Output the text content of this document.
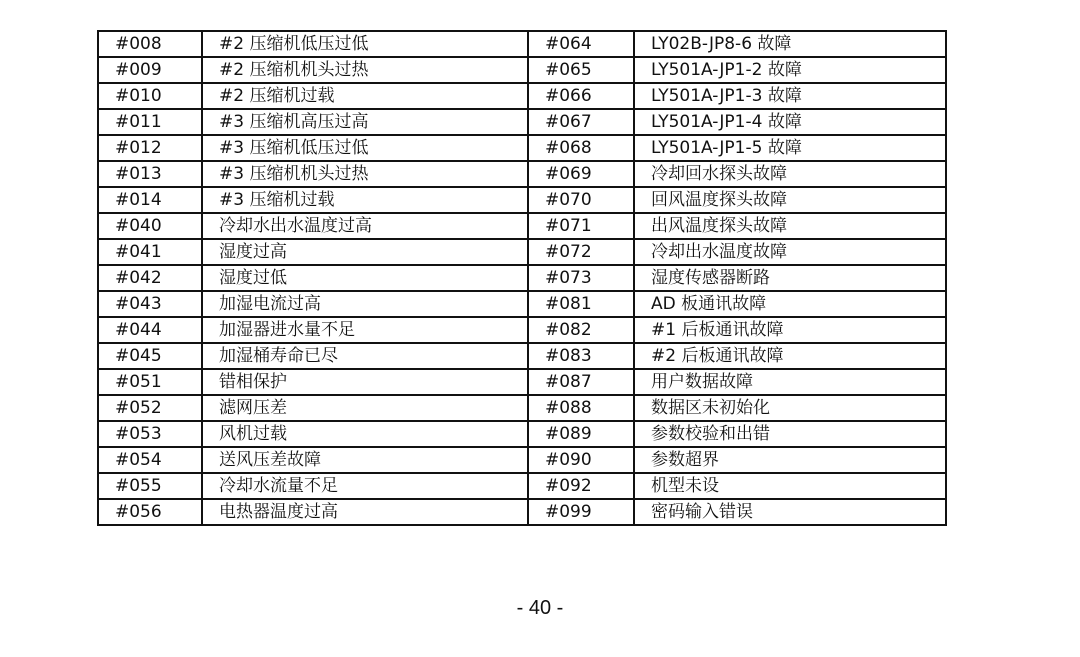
#008	#2 压缩机低压过低	#064	LY02B-JP8-6 故障
#009	#2 压缩机机头过热	#065	LY501A-JP1-2 故障
#010	#2 压缩机过载	#066	LY501A-JP1-3 故障
#011	#3 压缩机高压过高	#067	LY501A-JP1-4 故障
#012	#3 压缩机低压过低	#068	LY501A-JP1-5 故障
#013	#3 压缩机机头过热	#069	冷却回水探头故障
#014	#3 压缩机过载	#070	回风温度探头故障
#040	冷却水出水温度过高	#071	出风温度探头故障
#041	湿度过高	#072	冷却出水温度故障
#042	湿度过低	#073	湿度传感器断路
#043	加湿电流过高	#081	AD 板通讯故障
#044	加湿器进水量不足	#082	#1 后板通讯故障
#045	加湿桶寿命已尽	#083	#2 后板通讯故障
#051	错相保护	#087	用户数据故障
#052	滤网压差	#088	数据区未初始化
#053	风机过载	#089	参数校验和出错
#054	送风压差故障	#090	参数超界
#055	冷却水流量不足	#092	机型未设
#056	电热器温度过高	#099	密码输入错误
- 40 -
